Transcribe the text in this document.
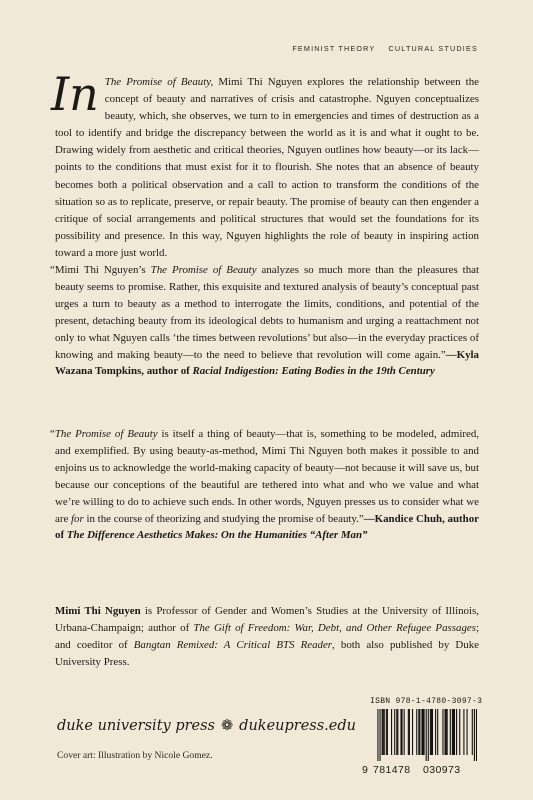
FEMINIST THEORY CULTURAL STUDIES
In The Promise of Beauty, Mimi Thi Nguyen explores the relationship between the concept of beauty and narratives of crisis and catastrophe. Nguyen conceptualizes beauty, which, she observes, we turn to in emergencies and times of destruction as a tool to identify and bridge the discrepancy between the world as it is and what it ought to be. Drawing widely from aesthetic and critical theories, Nguyen outlines how beauty—or its lack—points to the conditions that must exist for it to flourish. She notes that an absence of beauty becomes both a political observation and a call to action to transform the conditions of the situation so as to replicate, preserve, or repair beauty. The promise of beauty can then engender a critique of social arrangements and political structures that would set the foundations for its possibility and presence. In this way, Nguyen highlights the role of beauty in inspiring action toward a more just world.
“Mimi Thi Nguyen’s The Promise of Beauty analyzes so much more than the pleasures that beauty seems to promise. Rather, this exquisite and textured analysis of beauty’s conceptual past urges a turn to beauty as a method to interrogate the limits, conditions, and potential of the present, detaching beauty from its ideological debts to humanism and urging a reattachment not only to what Nguyen calls ‘the times between revolutions’ but also—in the everyday practices of knowing and making beauty—to the need to believe that revolution will come again.”—Kyla Wazana Tompkins, author of Racial Indigestion: Eating Bodies in the 19th Century
“The Promise of Beauty is itself a thing of beauty—that is, something to be modeled, admired, and exemplified. By using beauty-as-method, Mimi Thi Nguyen both makes it possible to and enjoins us to acknowledge the world-making capacity of beauty—not because it will save us, but because our conceptions of the beautiful are tethered into what and who we value and what we’re willing to do to achieve such ends. In other words, Nguyen presses us to consider what we are for in the course of theorizing and studying the promise of beauty.”—Kandice Chuh, author of The Difference Aesthetics Makes: On the Humanities “After Man”
Mimi Thi Nguyen is Professor of Gender and Women’s Studies at the University of Illinois, Urbana-Champaign; author of The Gift of Freedom: War, Debt, and Other Refugee Passages; and coeditor of Bangtan Remixed: A Critical BTS Reader, both also published by Duke University Press.
duke university press ❁ dukeupress.edu
Cover art: Illustration by Nicole Gomez.
ISBN 978-1-4780-3097-3
9 781478 030973
